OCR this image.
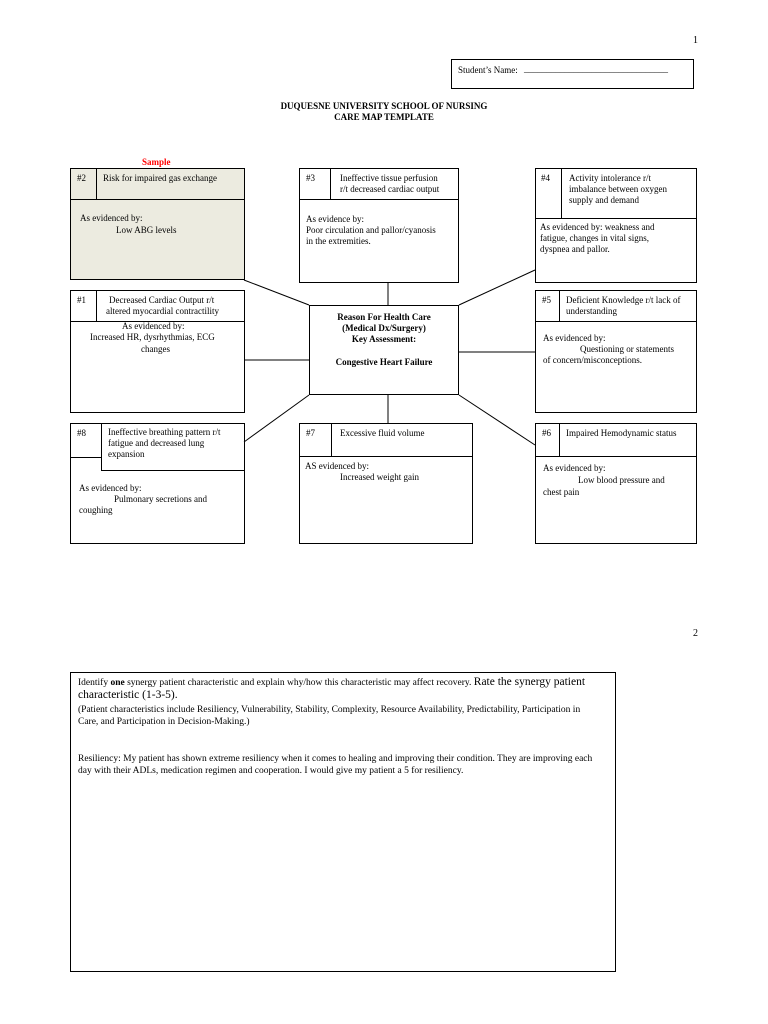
1
Student’s Name: ________________________________
DUQUESNE UNIVERSITY SCHOOL OF NURSING
CARE MAP TEMPLATE
Sample
#2 Risk for impaired gas exchange
As evidenced by:
Low ABG levels
#3	Ineffective tissue perfusion
r/t decreased cardiac output
As evidence by:
Poor circulation and pallor/cyanosis
in the extremities.
#4 Activity intolerance r/t
imbalance between oxygen
supply and demand
As evidenced by: weakness and
fatigue, changes in vital signs,
dyspnea and pallor.
#1	Decreased Cardiac Output r/t
altered myocardial contractility
As evidenced by:
Increased HR, dysrhythmias, ECG
changes
Reason For Health Care
(Medical Dx/Surgery)
Key Assessment:
Congestive Heart Failure
#5 Deficient Knowledge r/t lack of
understanding
As evidenced by:
Questioning or statements
of concern/misconceptions.
#8 Ineffective breathing pattern r/t
fatigue and decreased lung
expansion
As evidenced by:
Pulmonary secretions and
coughing
#7	Excessive fluid volume
AS evidenced by:
Increased weight gain
#6 Impaired Hemodynamic status
As evidenced by:
Low blood pressure and
chest pain
2
Identify one synergy patient characteristic and explain why/how this characteristic may affect recovery. Rate the synergy patient characteristic (1-3-5).
(Patient characteristics include Resiliency, Vulnerability, Stability, Complexity, Resource Availability, Predictability, Participation in Care, and Participation in Decision-Making.)
Resiliency: My patient has shown extreme resiliency when it comes to healing and improving their condition. They are improving each day with their ADLs, medication regimen and cooperation. I would give my patient a 5 for resiliency.
